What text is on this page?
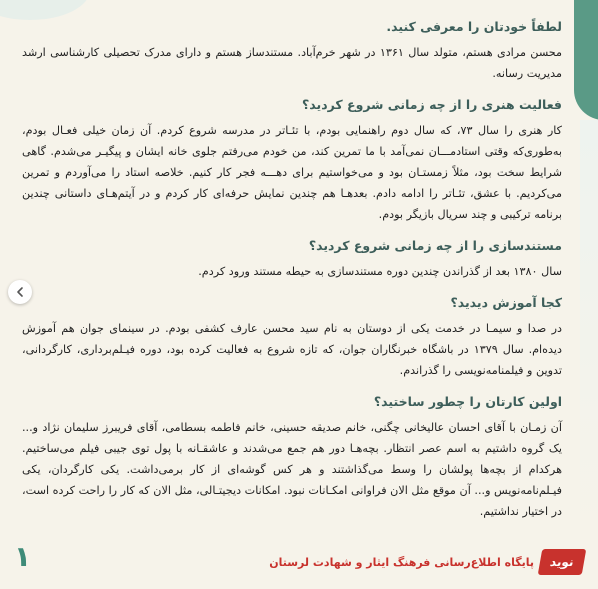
لطفاً خودتان را معرفی کنید.

محسن مرادی هستم، متولد سال ۱۳۶۱ در شهر خرم‌آباد. مستندساز هستم و دارای مدرک تحصیلی کارشناسی ارشد مدیریت رسانه.

فعالیت هنری را از چه زمانی شروع کردید؟

کار هنری را سال ۷۳، که سال دوم راهنمایی بودم، با تئـاتر در مدرسه شروع کردم. آن زمان خیلی فعـال بودم، به‌طوری‌که وقتی استادمـــان نمی‌آمد با ما تمرین کند، من خودم می‌رفتم جلوی خانه ایشان و پیگیـر می‌شدم. گاهی شرایط سخت بود، مثلاً زمستـان بود و می‌خواستیم برای دهـــه فجر کار کنیم. خلاصه استاد را می‌آوردم و تمرین می‌کردیم. با عشق، تئـاتر را ادامه دادم. بعدهـا هم چندین نمایش حرفه‌ای کار کردم و در آیتم‌هـای داستانی چندین برنامه ترکیبی و چند سریال بازیگر بودم.

مستندسازی را از چه زمانی شروع کردید؟

سال ۱۳۸۰ بعد از گذراندن چندین دوره مستندسازی به حیطه مستند ورود کردم.

کجا آموزش دیدید؟

در صدا و سیمـا در خدمت یکی از دوستان به نام سید محسن عارف کشفی بودم. در سینمای جوان هم آموزش دیده‌ام. سال ۱۳۷۹ در باشگاه خبرنگاران جوان، که تازه شروع به فعالیت کرده بود، دوره فیـلم‌برداری، کارگردانی، تدوین و فیلمنامه‌نویسی را گذراندم.

اولین کارتان را چطور ساختید؟

آن زمـان با آقای احسان عالیخانی چگنی، خانم صدیقه حسینی، خانم فاطمه بسطامی، آقای فریبرز سلیمان نژاد و... یک گروه داشتیم به اسم عصر انتظار. بچه‌هـا دور هم جمع می‌شدند و عاشقـانه با پول توی جیبی فیلم می‌ساختیم. هرکدام از بچه‌ها پولشان را وسط می‌گذاشتند و هر کس گوشه‌ای از کار برمی‌داشت. یکی کارگردان، یکی فیـلم‌نامه‌نویس و... آن موقع مثل الان فراوانی امکـانات نبود. امکانات دیجیتـالی، مثل الان که کار را راحت کرده است، در اختیار نداشتیم.

۱	نوید
پایگاه اطلاع‌رسانی فرهنگ ایثار و شهادت لرستان
